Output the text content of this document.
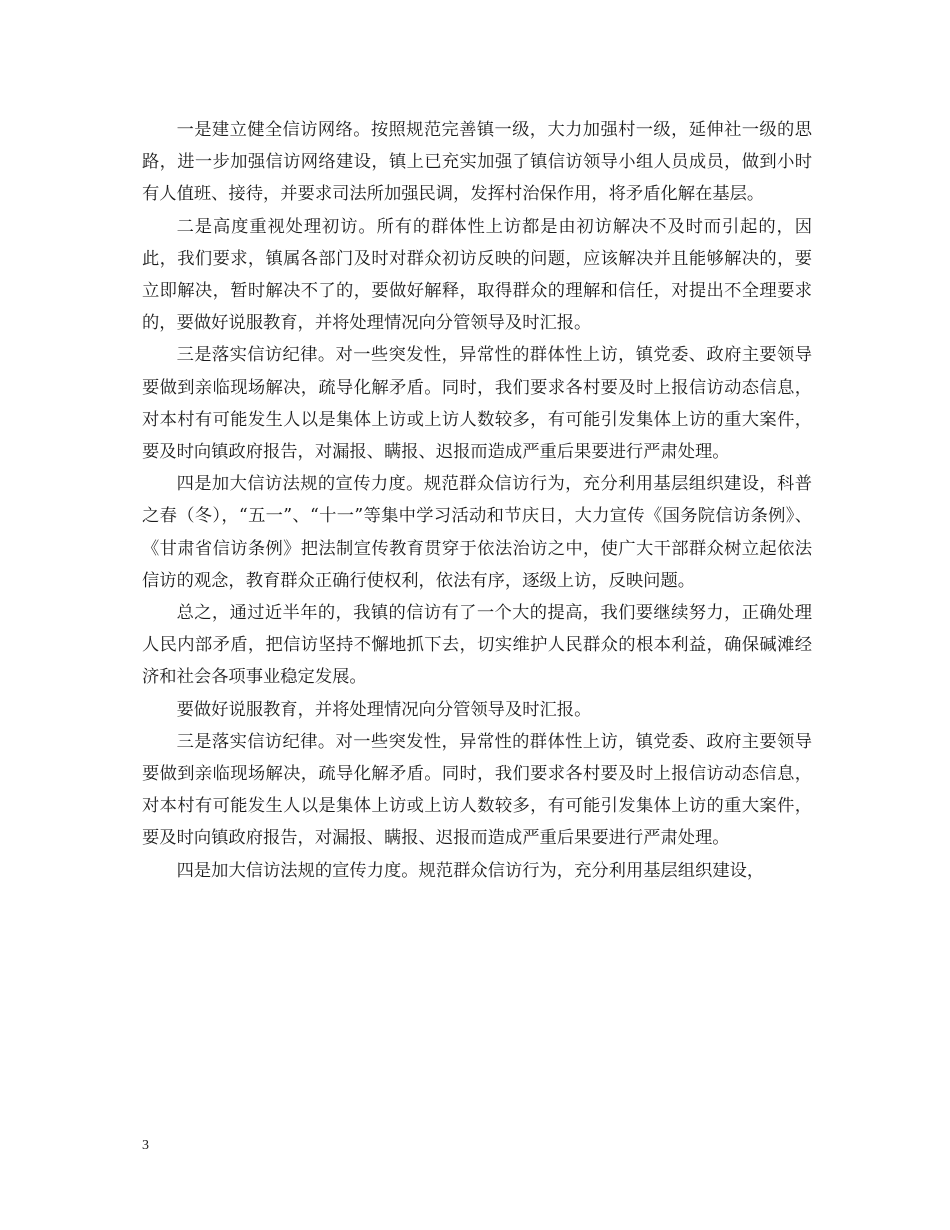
一是建立健全信访网络。按照规范完善镇一级，大力加强村一级，延伸社一级的思路，进一步加强信访网络建设，镇上已充实加强了镇信访领导小组人员成员，做到小时有人值班、接待，并要求司法所加强民调，发挥村治保作用，将矛盾化解在基层。

二是高度重视处理初访。所有的群体性上访都是由初访解决不及时而引起的，因此，我们要求，镇属各部门及时对群众初访反映的问题，应该解决并且能够解决的，要立即解决，暂时解决不了的，要做好解释，取得群众的理解和信任，对提出不全理要求的，要做好说服教育，并将处理情况向分管领导及时汇报。

三是落实信访纪律。对一些突发性，异常性的群体性上访，镇党委、政府主要领导要做到亲临现场解决，疏导化解矛盾。同时，我们要求各村要及时上报信访动态信息，对本村有可能发生人以是集体上访或上访人数较多，有可能引发集体上访的重大案件，要及时向镇政府报告，对漏报、瞒报、迟报而造成严重后果要进行严肃处理。

四是加大信访法规的宣传力度。规范群众信访行为，充分利用基层组织建设，科普之春（冬），“五一”、“十一”等集中学习活动和节庆日，大力宣传《国务院信访条例》、《甘肃省信访条例》把法制宣传教育贯穿于依法治访之中，使广大干部群众树立起依法信访的观念，教育群众正确行使权利，依法有序，逐级上访，反映问题。

总之，通过近半年的，我镇的信访有了一个大的提高，我们要继续努力，正确处理人民内部矛盾，把信访坚持不懈地抓下去，切实维护人民群众的根本利益，确保碱滩经济和社会各项事业稳定发展。

要做好说服教育，并将处理情况向分管领导及时汇报。

三是落实信访纪律。对一些突发性，异常性的群体性上访，镇党委、政府主要领导要做到亲临现场解决，疏导化解矛盾。同时，我们要求各村要及时上报信访动态信息，对本村有可能发生人以是集体上访或上访人数较多，有可能引发集体上访的重大案件，要及时向镇政府报告，对漏报、瞒报、迟报而造成严重后果要进行严肃处理。

四是加大信访法规的宣传力度。规范群众信访行为，充分利用基层组织建设，

3
